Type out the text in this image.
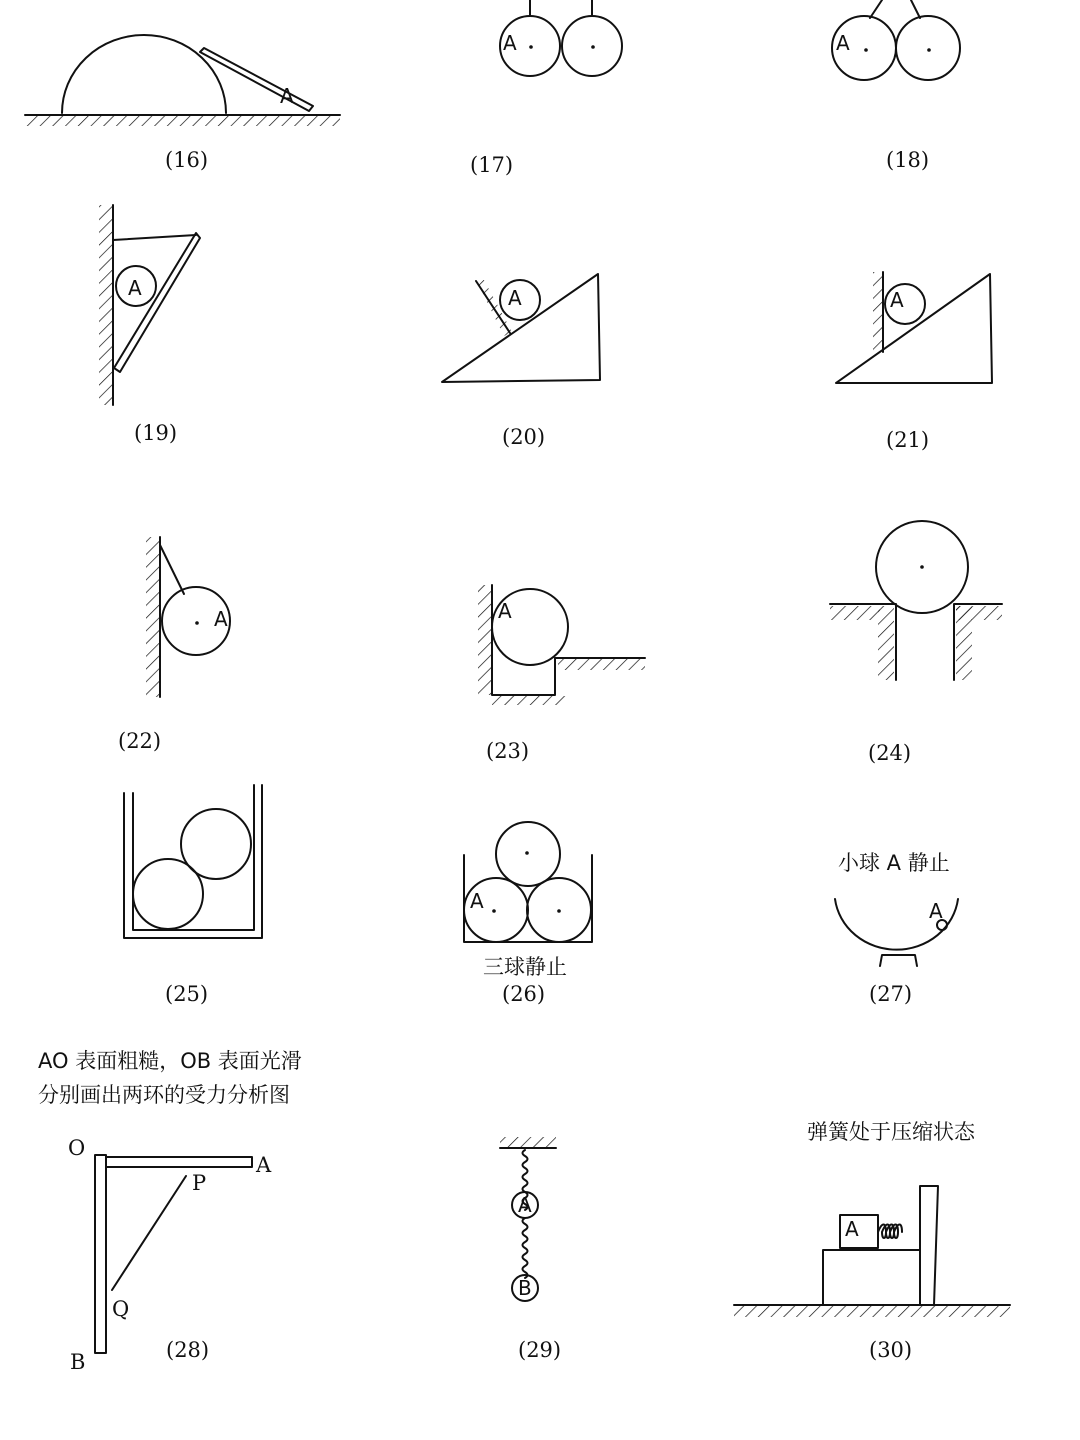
A
(16)
A
(17)
A
(18)
A
(19)
A
(20)
A
(21)
A
(22)
A
(23)	(24)
(25)
A
三球静止
(26)
小球 A 静止
A
(27)
AO 表面粗糙，OB 表面光滑
分别画出两环的受力分析图
O
A
P
Q
B	(28)
A
B
(29)
弹簧处于压缩状态
A
(30)
